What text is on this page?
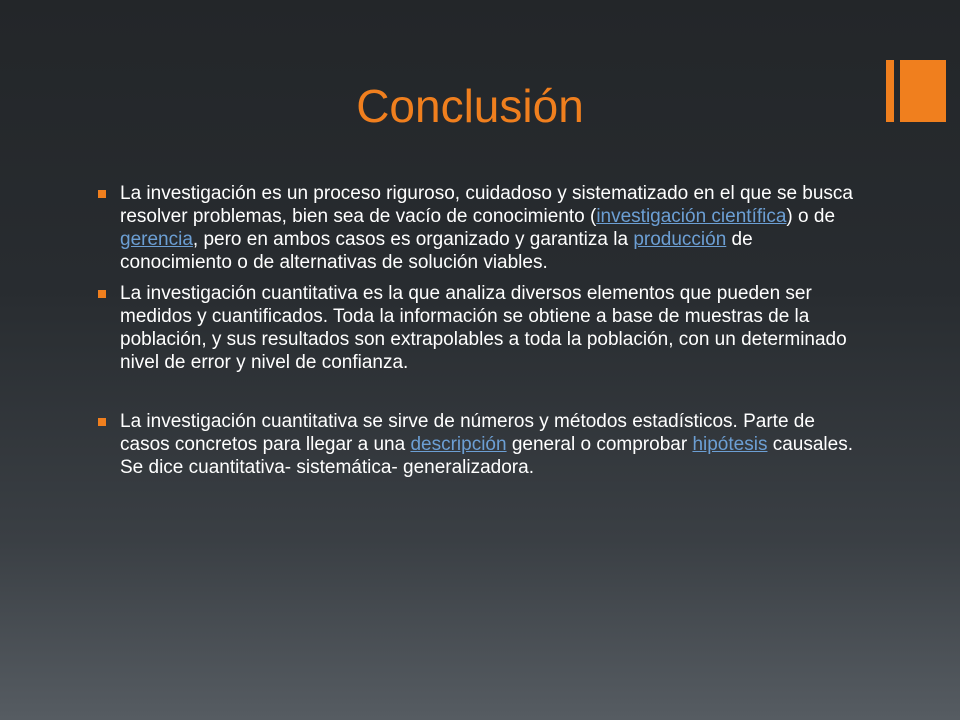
Conclusión
La investigación es un proceso riguroso, cuidadoso y sistematizado en el que se busca resolver problemas, bien sea de vacío de conocimiento (investigación científica) o de gerencia, pero en ambos casos es organizado y garantiza la producción de conocimiento o de alternativas de solución viables.
La investigación cuantitativa es la que analiza diversos elementos que pueden ser medidos y cuantificados. Toda la información se obtiene a base de muestras de la población, y sus resultados son extrapolables a toda la población, con un determinado nivel de error y nivel de confianza.
La investigación cuantitativa se sirve de números y métodos estadísticos. Parte de casos concretos para llegar a una descripción general o comprobar hipótesis causales. Se dice cuantitativa- sistemática- generalizadora.
